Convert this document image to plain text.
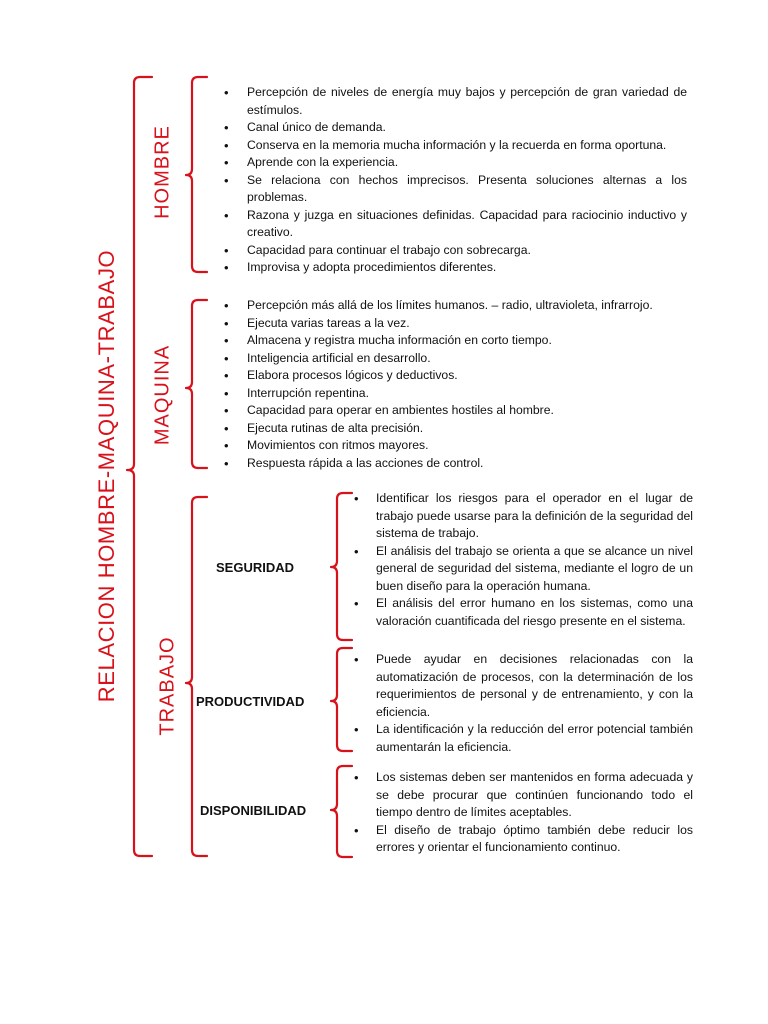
RELACION HOMBRE-MAQUINA-TRABAJO
HOMBRE
• Percepción de niveles de energía muy bajos y percepción de gran variedad de estímulos.
• Canal único de demanda.
• Conserva en la memoria mucha información y la recuerda en forma oportuna.
• Aprende con la experiencia.
• Se relaciona con hechos imprecisos. Presenta soluciones alternas a los problemas.
• Razona y juzga en situaciones definidas. Capacidad para raciocinio inductivo y creativo.
• Capacidad para continuar el trabajo con sobrecarga.
• Improvisa y adopta procedimientos diferentes.
MAQUINA
• Percepción más allá de los límites humanos. – radio, ultravioleta, infrarrojo.
• Ejecuta varias tareas a la vez.
• Almacena y registra mucha información en corto tiempo.
• Inteligencia artificial en desarrollo.
• Elabora procesos lógicos y deductivos.
• Interrupción repentina.
• Capacidad para operar en ambientes hostiles al hombre.
• Ejecuta rutinas de alta precisión.
• Movimientos con ritmos mayores.
• Respuesta rápida a las acciones de control.
TRABAJO
SEGURIDAD
• Identificar los riesgos para el operador en el lugar de trabajo puede usarse para la definición de la seguridad del sistema de trabajo.
• El análisis del trabajo se orienta a que se alcance un nivel general de seguridad del sistema, mediante el logro de un buen diseño para la operación humana.
• El análisis del error humano en los sistemas, como una valoración cuantificada del riesgo presente en el sistema.
PRODUCTIVIDAD
• Puede ayudar en decisiones relacionadas con la automatización de procesos, con la determinación de los requerimientos de personal y de entrenamiento, y con la eficiencia.
• La identificación y la reducción del error potencial también aumentarán la eficiencia.
DISPONIBILIDAD
• Los sistemas deben ser mantenidos en forma adecuada y se debe procurar que continúen funcionando todo el tiempo dentro de límites aceptables.
• El diseño de trabajo óptimo también debe reducir los errores y orientar el funcionamiento continuo.
